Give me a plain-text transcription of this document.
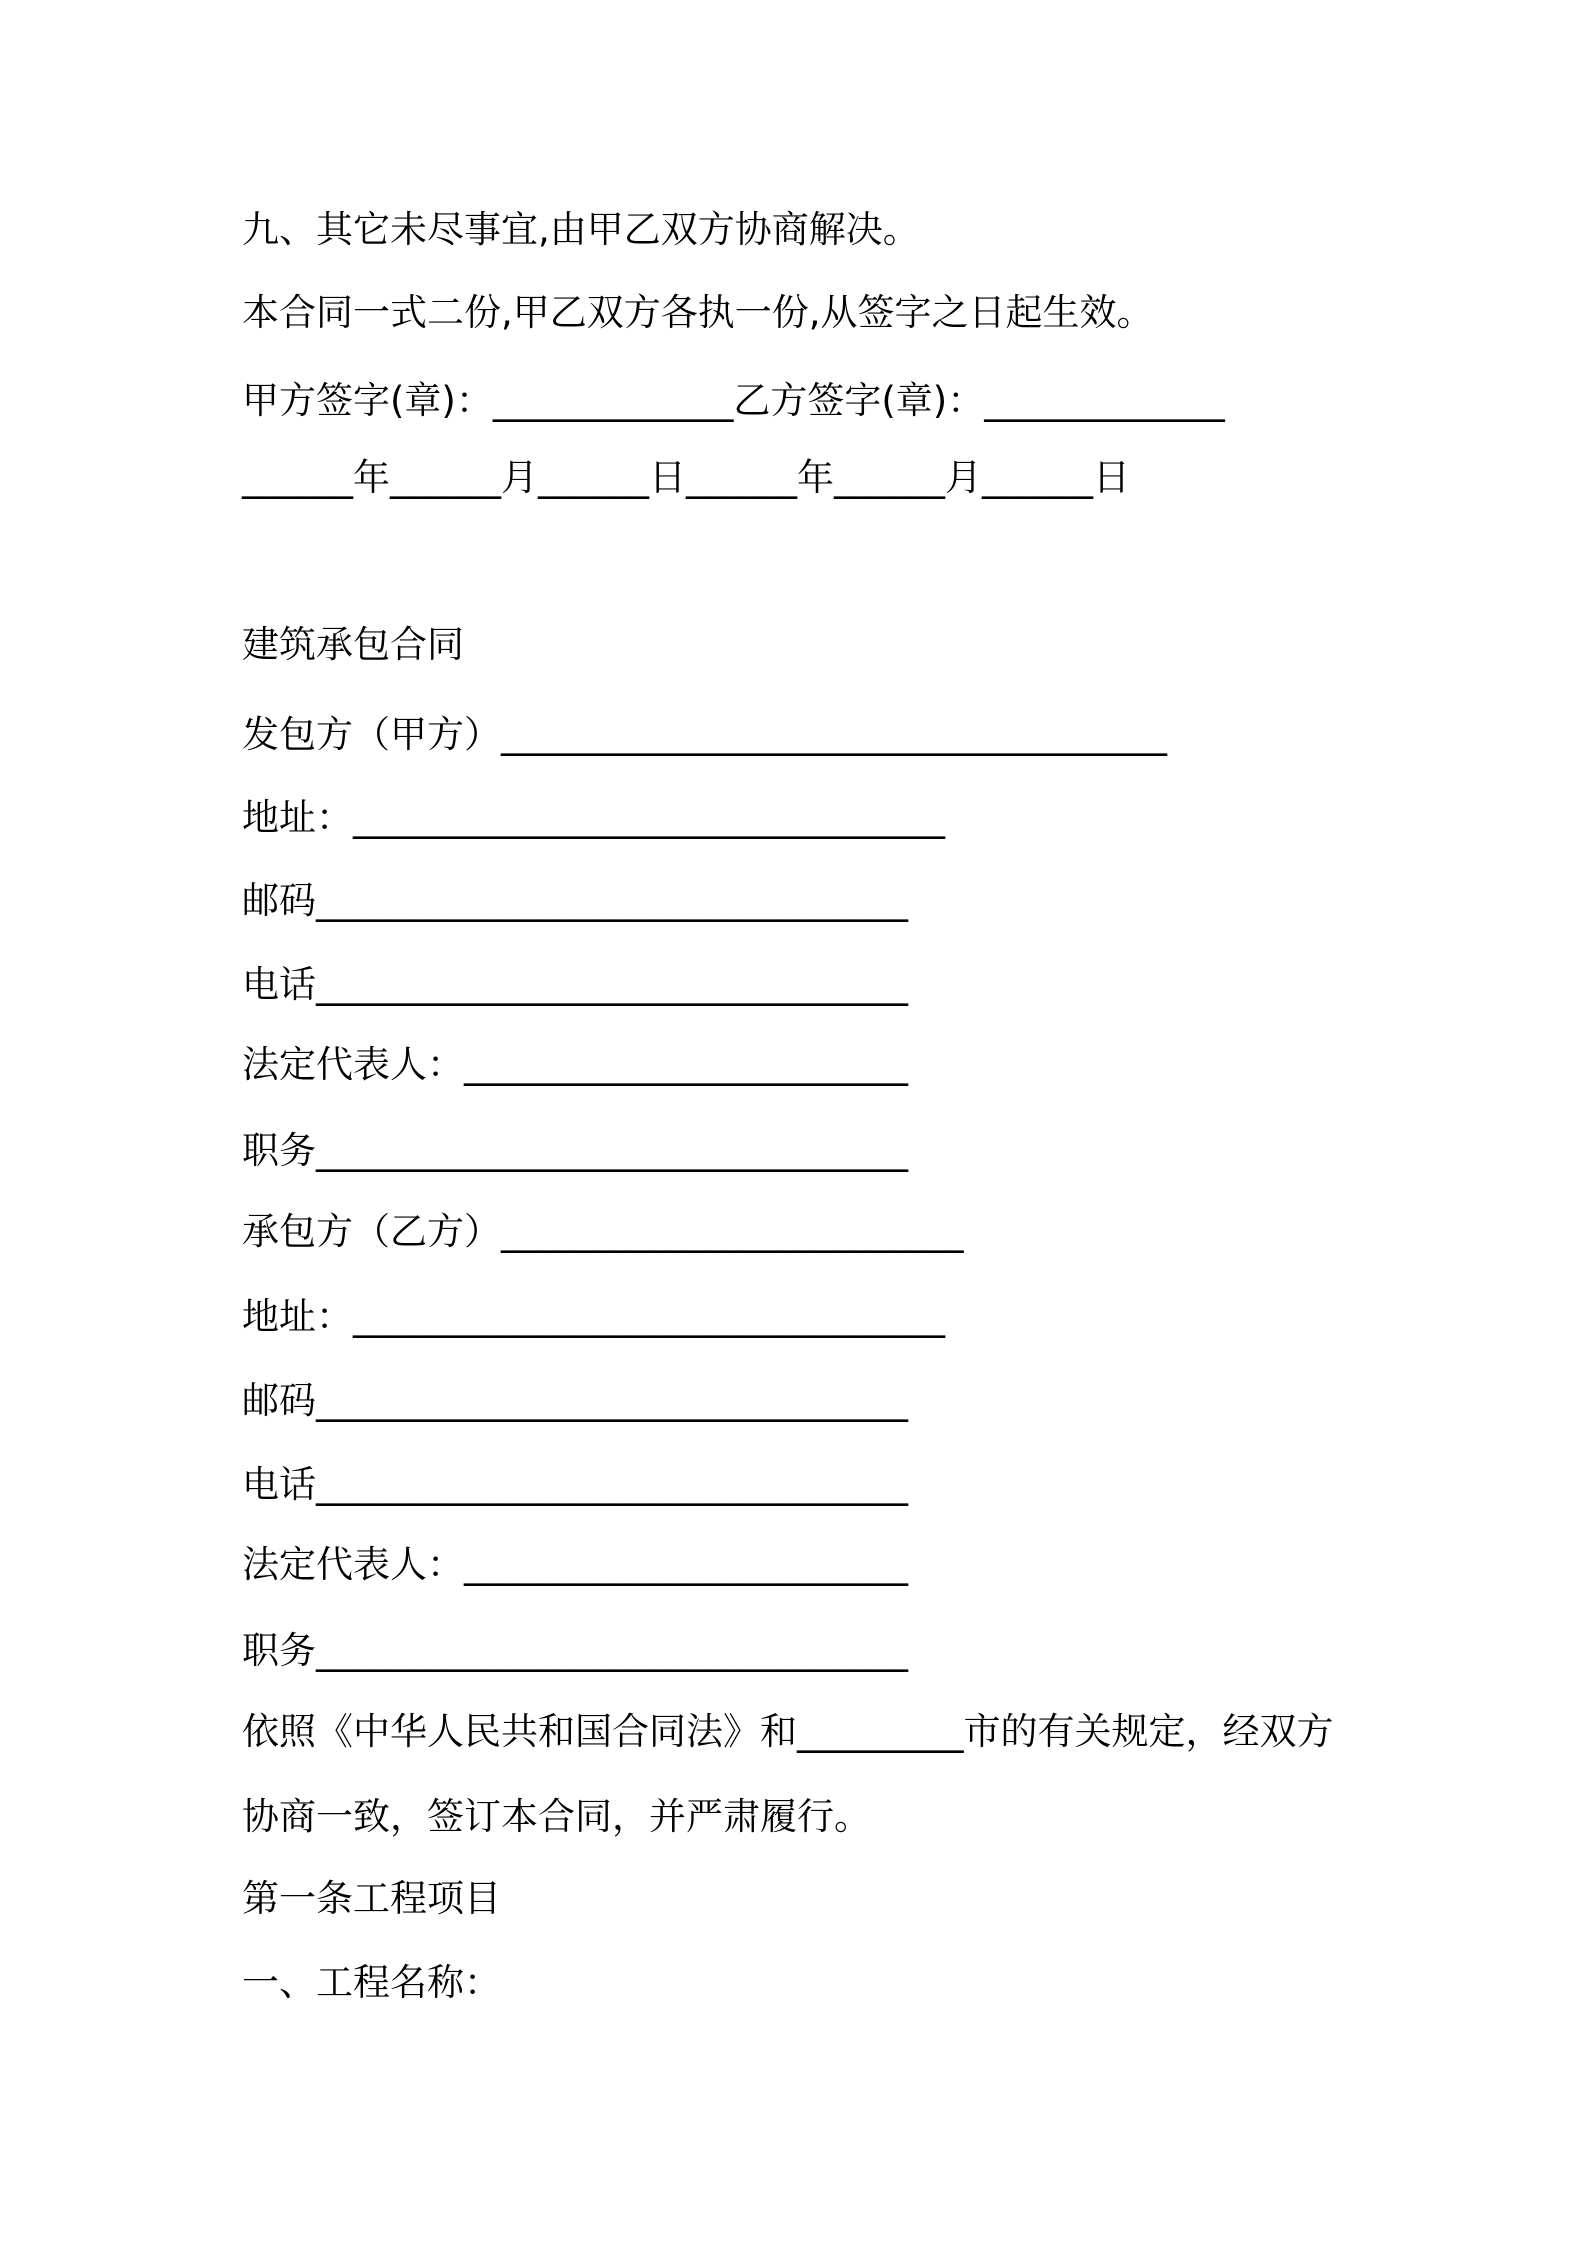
九、其它未尽事宜,由甲乙双方协商解决。

本合同一式二份,甲乙双方各执一份,从签字之日起生效。

甲方签字(章)：_____________乙方签字(章)：_____________

______年______月______日______年______月______日

建筑承包合同

发包方（甲方）____________________________________

地址：________________________________

邮码________________________________

电话________________________________

法定代表人：________________________

职务________________________________

承包方（乙方）_________________________

地址：________________________________

邮码________________________________

电话________________________________

法定代表人：________________________

职务________________________________

依照《中华人民共和国合同法》和_________市的有关规定，经双方

协商一致，签订本合同，并严肃履行。

第一条工程项目

一、工程名称：
